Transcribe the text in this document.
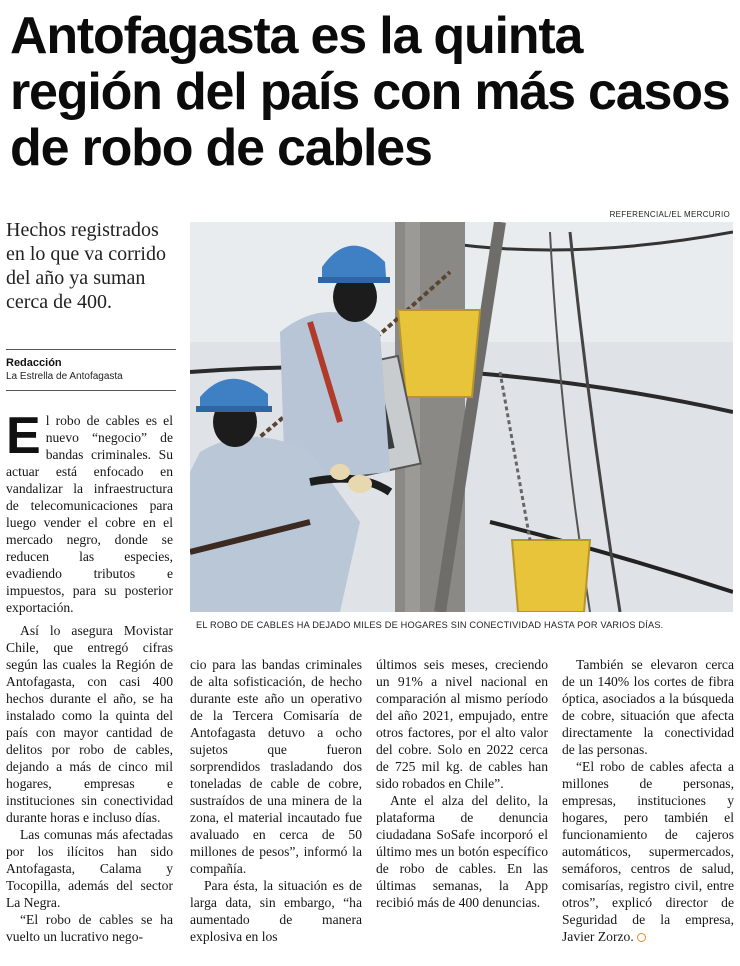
Antofagasta es la quinta región del país con más casos de robo de cables
REFERENCIAL/EL MERCURIO

Hechos registrados en lo que va corrido del año ya suman cerca de 400.

Redacción
La Estrella de Antofagasta
EL ROBO DE CABLES HA DEJADO MILES DE HOGARES SIN CONECTIVIDAD HASTA POR VARIOS DÍAS.

El robo de cables es el nuevo “negocio” de bandas criminales. Su actuar está enfocado en vandalizar la infraestructura de telecomunicaciones para luego vender el cobre en el mercado negro, donde se reducen las especies, evadiendo tributos e impuestos, para su posterior exportación.

Así lo asegura Movistar Chile, que entregó cifras según las cuales la Región de Antofagasta, con casi 400 hechos durante el año, se ha instalado como la quinta del país con mayor cantidad de delitos por robo de cables, dejando a más de cinco mil hogares, empresas e instituciones sin conectividad durante horas e incluso días.

Las comunas más afectadas por los ilícitos han sido Antofagasta, Calama y Tocopilla, además del sector La Negra.

“El robo de cables se ha vuelto un lucrativo nego-

cio para las bandas criminales de alta sofisticación, de hecho durante este año un operativo de la Tercera Comisaría de Antofagasta detuvo a ocho sujetos que fueron sorprendidos trasladando dos toneladas de cable de cobre, sustraídos de una minera de la zona, el material incautado fue avaluado en cerca de 50 millones de pesos”, informó la compañía.

Para ésta, la situación es de larga data, sin embargo, “ha aumentado de manera explosiva en los

últimos seis meses, creciendo un 91% a nivel nacional en comparación al mismo período del año 2021, empujado, entre otros factores, por el alto valor del cobre. Solo en 2022 cerca de 725 mil kg. de cables han sido robados en Chile”.

Ante el alza del delito, la plataforma de denuncia ciudadana SoSafe incorporó el último mes un botón específico de robo de cables. En las últimas semanas, la App recibió más de 400 denuncias.

También se elevaron cerca de un 140% los cortes de fibra óptica, asociados a la búsqueda de cobre, situación que afecta directamente la conectividad de las personas.

“El robo de cables afecta a millones de personas, empresas, instituciones y hogares, pero también el funcionamiento de cajeros automáticos, supermercados, semáforos, centros de salud, comisarías, registro civil, entre otros”, explicó director de Seguridad de la empresa, Javier Zorzo.
